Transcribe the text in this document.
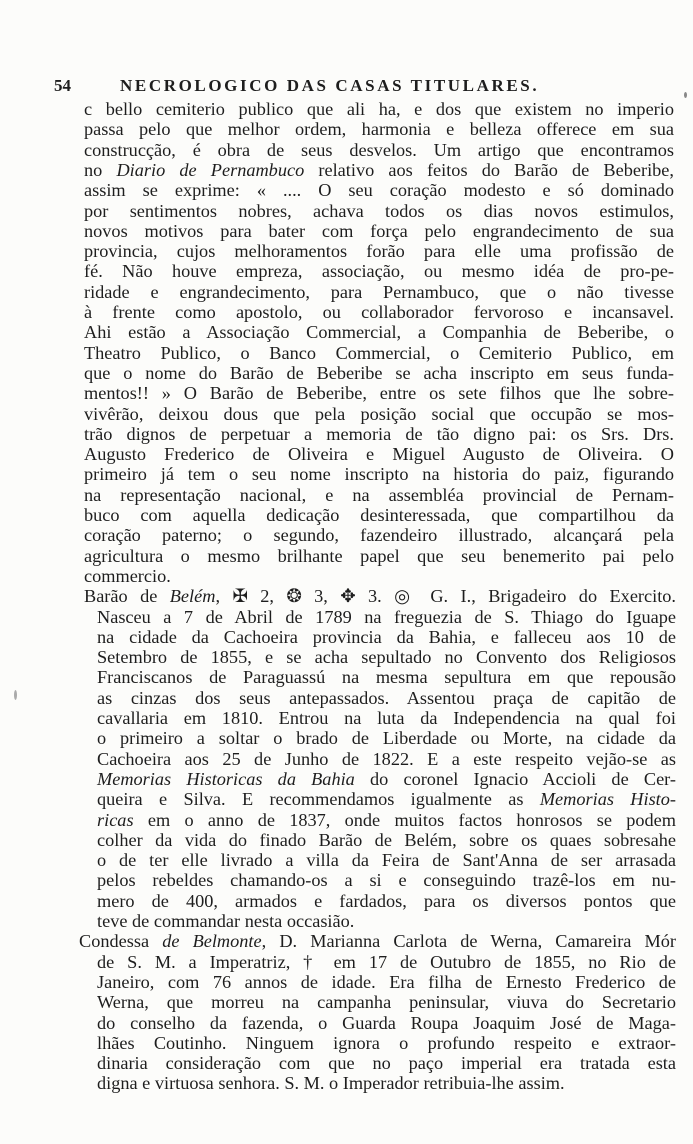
54	NECROLOGICO DAS CASAS TITULARES.
c bello cemiterio publico que ali ha, e dos que existem no imperio
passa pelo que melhor ordem, harmonia e belleza offerece em sua
construcção, é obra de seus desvelos. Um artigo que encontramos
no Diario de Pernambuco relativo aos feitos do Barão de Beberibe,
assim se exprime: « .... O seu coração modesto e só dominado
por sentimentos nobres, achava todos os dias novos estimulos,
novos motivos para bater com força pelo engrandecimento de sua
provincia, cujos melhoramentos forão para elle uma profissão de
fé. Não houve empreza, associação, ou mesmo idéa de pro-pe-
ridade e engrandecimento, para Pernambuco, que o não tivesse
à frente como apostolo, ou collaborador fervoroso e incansavel.
Ahi estão a Associação Commercial, a Companhia de Beberibe, o
Theatro Publico, o Banco Commercial, o Cemiterio Publico, em
que o nome do Barão de Beberibe se acha inscripto em seus funda-
mentos!! » O Barão de Beberibe, entre os sete filhos que lhe sobre-
vivêrão, deixou dous que pela posição social que occupão se mos-
trão dignos de perpetuar a memoria de tão digno pai: os Srs. Drs.
Augusto Frederico de Oliveira e Miguel Augusto de Oliveira. O
primeiro já tem o seu nome inscripto na historia do paiz, figurando
na representação nacional, e na assembléa provincial de Pernam-
buco com aquella dedicação desinteressada, que compartilhou da
coração paterno; o segundo, fazendeiro illustrado, alcançará pela
agricultura o mesmo brilhante papel que seu benemerito pai pelo
commercio.
Barão de Belém, ✠ 2, ❂ 3, ✥ 3. ◎ G. I., Brigadeiro do Exercito.
Nasceu a 7 de Abril de 1789 na freguezia de S. Thiago do Iguape
na cidade da Cachoeira provincia da Bahia, e falleceu aos 10 de
Setembro de 1855, e se acha sepultado no Convento dos Religiosos
Franciscanos de Paraguassú na mesma sepultura em que repousão
as cinzas dos seus antepassados. Assentou praça de capitão de
cavallaria em 1810. Entrou na luta da Independencia na qual foi
o primeiro a soltar o brado de Liberdade ou Morte, na cidade da
Cachoeira aos 25 de Junho de 1822. E a este respeito vejão-se as
Memorias Historicas da Bahia do coronel Ignacio Accioli de Cer-
queira e Silva. E recommendamos igualmente as Memorias Histo-
ricas em o anno de 1837, onde muitos factos honrosos se podem
colher da vida do finado Barão de Belém, sobre os quaes sobresahe
o de ter elle livrado a villa da Feira de Sant'Anna de ser arrasada
pelos rebeldes chamando-os a si e conseguindo trazê-los em nu-
mero de 400, armados e fardados, para os diversos pontos que
teve de commandar nesta occasião.
Condessa de Belmonte, D. Marianna Carlota de Werna, Camareira Mór
de S. M. a Imperatriz, † em 17 de Outubro de 1855, no Rio de
Janeiro, com 76 annos de idade. Era filha de Ernesto Frederico de
Werna, que morreu na campanha peninsular, viuva do Secretario
do conselho da fazenda, o Guarda Roupa Joaquim José de Maga-
lhães Coutinho. Ninguem ignora o profundo respeito e extraor-
dinaria consideração com que no paço imperial era tratada esta
digna e virtuosa senhora. S. M. o Imperador retribuia-lhe assim.
